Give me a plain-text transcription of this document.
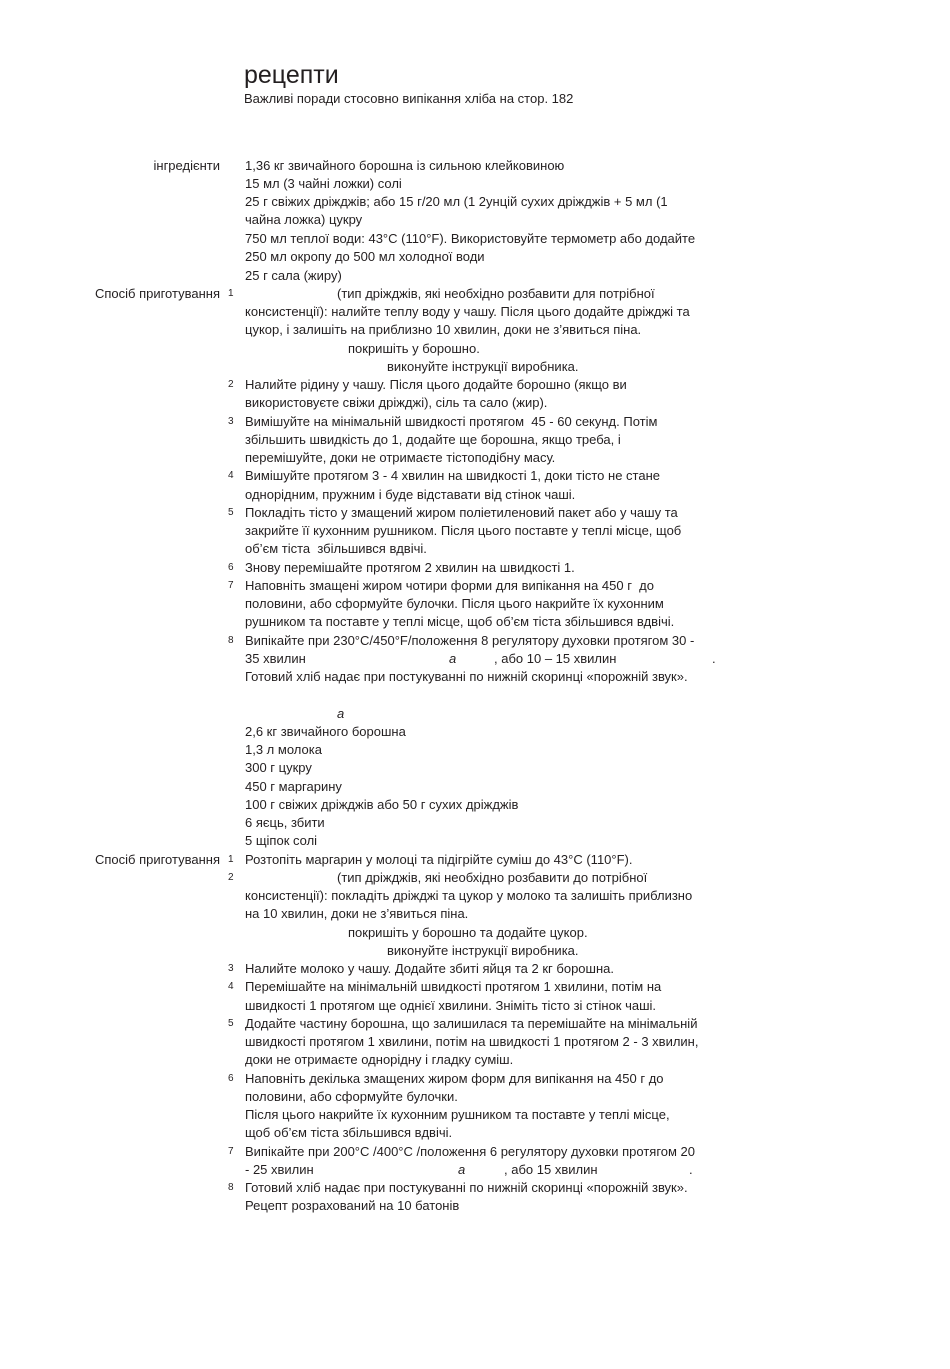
рецепти
Важливі поради стосовно випікання хліба на стор. 182
інгредієнти 1,36 кг звичайного борошна із сильною клейковиною
15 мл (3 чайні ложки) солі
25 г свіжих дріжджів; або 15 г/20 мл (1 2унцій сухих дріжджів + 5 мл (1
чайна ложка) цукру
750 мл теплої води: 43°С (110°F). Використовуйте термометр або додайте
250 мл окропу до 500 мл холодної води
25 г сала (жиру)
Спосіб приготування 1	(тип дріжджів, які необхідно розбавити для потрібної
консистенції): налийте теплу воду у чашу. Після цього додайте дріжджі та
цукор, і залишіть на приблизно 10 хвилин, доки не з’явиться піна.
покришіть у борошно.
виконуйте інструкції виробника.
2 Налийте рідину у чашу. Після цього додайте борошно (якщо ви
використовуєте свіжи дріжджі), сіль та сало (жир).
3 Вимішуйте на мінімальній швидкості протягом  45 - 60 секунд. Потім
збільшить швидкість до 1, додайте ще борошна, якщо треба, і
перемішуйте, доки не отримаєте тістоподібну масу.
4 Вимішуйте протягом 3 - 4 хвилин на швидкості 1, доки тісто не стане
однорідним, пружним і буде відставати від стінок чаші.
5 Покладіть тісто у змащений жиром поліетиленовий пакет або у чашу та
закрийте її кухонним рушником. Після цього поставте у теплі місце, щоб
об’єм тіста  збільшився вдвічі.
6 Знову перемішайте протягом 2 хвилин на швидкості 1.
7 Наповніть змащені жиром чотири форми для випікання на 450 г  до
половини, або сформуйте булочки. Після цього накрийте їх кухонним
рушником та поставте у теплі місце, щоб об’єм тіста збільшився вдвічі.
8 Випікайте при 230°С/450°F/положення 8 регулятору духовки протягом 30 -
35 хвилин	а	, або 10 – 15 хвилин	.
Готовий хліб надає при постукуванні по нижній скоринці «порожній звук».
а
2,6 кг звичайного борошна
1,3 л молока
300 г цукру
450 г маргарину
100 г свіжих дріжджів або 50 г сухих дріжджів
6 яєць, збити
5 щіпок солі
Спосіб приготування 1 Розтопіть маргарин у молоці та підігрійте суміш до 43°С (110°F).
2	(тип дріжджів, які необхідно розбавити до потрібної
консистенції): покладіть дріжджі та цукор у молоко та залишіть приблизно
на 10 хвилин, доки не з’явиться піна.
покришіть у борошно та додайте цукор.
виконуйте інструкції виробника.
3 Налийте молоко у чашу. Додайте збиті яйця та 2 кг борошна.
4 Перемішайте на мінімальній швидкості протягом 1 хвилини, потім на
швидкості 1 протягом ще однієї хвилини. Зніміть тісто зі стінок чаші.
5 Додайте частину борошна, що залишилася та перемішайте на мінімальній
швидкості протягом 1 хвилини, потім на швидкості 1 протягом 2 - 3 хвилин,
доки не отримаєте однорідну і гладку суміш.
6 Наповніть декілька змащених жиром форм для випікання на 450 г до
половини, або сформуйте булочки.
Після цього накрийте їх кухонним рушником та поставте у теплі місце,
щоб об’єм тіста збільшився вдвічі.
7 Випікайте при 200°С /400°С /положення 6 регулятору духовки протягом 20
- 25 хвилин	а	, або 15 хвилин	.
8 Готовий хліб надає при постукуванні по нижній скоринці «порожній звук».
Рецепт розрахований на 10 батонів
